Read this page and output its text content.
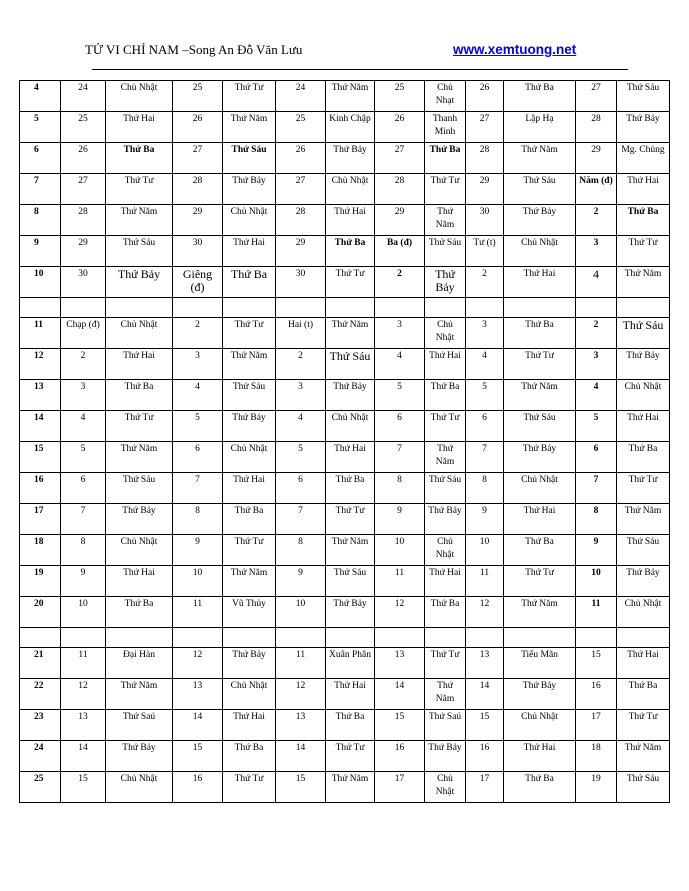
TỬ VI CHỈ NAM –Song An Đỗ Văn Lưu	www.xemtuong.net
4	24	Chủ Nhật	25	Thứ Tư	24	Thứ Năm	25	Chủ Nhạt	26	Thứ Ba	27	Thứ Sáu
5	25	Thứ Hai	26	Thứ Năm	25	Kinh Chập	26	Thanh Minh	27	Lập Hạ	28	Thứ Bảy
6	26	Thứ Ba	27	Thứ Sáu	26	Thứ Bảy	27	Thứ Ba	28	Thứ Năm	29	Mg. Chủng
7	27	Thứ Tư	28	Thứ Bảy	27	Chủ Nhật	28	Thứ Tư	29	Thứ Sáu	Năm (đ)	Thứ Hai
8	28	Thứ Năm	29	Chủ Nhật	28	Thứ Hai	29	Thứ Năm	30	Thứ Bảy	2	Thứ Ba
9	29	Thứ Sáu	30	Thứ Hai	29	Thứ Ba	Ba (đ)	Thứ Sáu	Tư (t)	Chủ Nhật	3	Thứ Tư
10	30	Thứ Bảy	Giêng (đ)	Thứ Ba	30	Thứ Tư	2	Thứ Bảy	2	Thứ Hai	4	Thứ Năm

11	Chạp (đ)	Chủ Nhật	2	Thứ Tư	Hai (t)	Thứ Năm	3	Chủ Nhật	3	Thứ Ba	2	Thứ Sáu
12	2	Thứ Hai	3	Thứ Năm	2	Thứ Sáu	4	Thứ Hai	4	Thứ Tư	3	Thứ Bảy
13	3	Thứ Ba	4	Thứ Sáu	3	Thứ Bảy	5	Thứ Ba	5	Thứ Năm	4	Chủ Nhật
14	4	Thứ Tư	5	Thứ Bảy	4	Chủ Nhật	6	Thứ Tư	6	Thứ Sáu	5	Thứ Hai
15	5	Thứ Năm	6	Chủ Nhật	5	Thứ Hai	7	Thứ Năm	7	Thứ Bảy	6	Thứ Ba
16	6	Thứ Sáu	7	Thứ Hai	6	Thứ Ba	8	Thứ Sáu	8	Chủ Nhật	7	Thứ Tư
17	7	Thứ Bảy	8	Thứ Ba	7	Thứ Tư	9	Thứ Bảy	9	Thứ Hai	8	Thứ Năm
18	8	Chủ Nhật	9	Thứ Tư	8	Thứ Năm	10	Chủ Nhật	10	Thứ Ba	9	Thứ Sáu
19	9	Thứ Hai	10	Thứ Năm	9	Thứ Sáu	11	Thứ Hai	11	Thứ Tư	10	Thứ Bảy
20	10	Thứ Ba	11	Vũ Thủy	10	Thứ Bảy	12	Thứ Ba	12	Thứ Năm	11	Chủ Nhật

21	11	Đại Hàn	12	Thứ Bảy	11	Xuân Phân	13	Thứ Tư	13	Tiểu Mãn	15	Thứ Hai
22	12	Thứ Năm	13	Chủ Nhật	12	Thứ Hai	14	Thứ Năm	14	Thứ Bảy	16	Thứ Ba
23	13	Thứ Saú	14	Thứ Hai	13	Thứ Ba	15	Thứ Saú	15	Chủ Nhật	17	Thứ Tư
24	14	Thứ Bảy	15	Thứ Ba	14	Thứ Tư	16	Thứ Bảy	16	Thứ Hai	18	Thứ Năm
25	15	Chủ Nhật	16	Thứ Tư	15	Thứ Năm	17	Chủ Nhật	17	Thứ Ba	19	Thứ Sáu
